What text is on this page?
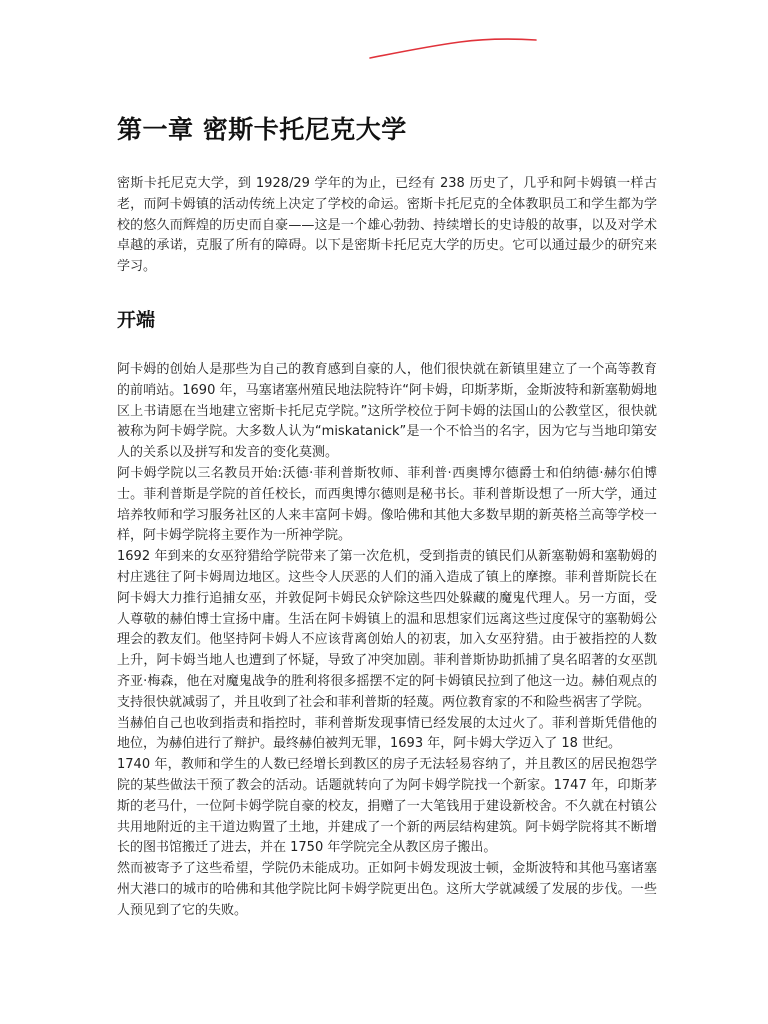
第一章 密斯卡托尼克大学

密斯卡托尼克大学，到 1928/29 学年的为止，已经有 238 历史了，几乎和阿卡姆镇一样古老，而阿卡姆镇的活动传统上决定了学校的命运。密斯卡托尼克的全体教职员工和学生都为学校的悠久而辉煌的历史而自豪——这是一个雄心勃勃、持续增长的史诗般的故事，以及对学术卓越的承诺，克服了所有的障碍。以下是密斯卡托尼克大学的历史。它可以通过最少的研究来学习。

开端

阿卡姆的创始人是那些为自己的教育感到自豪的人，他们很快就在新镇里建立了一个高等教育的前哨站。1690 年，马塞诸塞州殖民地法院特许“阿卡姆，印斯茅斯，金斯波特和新塞勒姆地区上书请愿在当地建立密斯卡托尼克学院。”这所学校位于阿卡姆的法国山的公教堂区，很快就被称为阿卡姆学院。大多数人认为“miskatanick”是一个不恰当的名字，因为它与当地印第安人的关系以及拼写和发音的变化莫测。

阿卡姆学院以三名教员开始:沃德·菲利普斯牧师、菲利普·西奥博尔德爵士和伯纳德·赫尔伯博士。菲利普斯是学院的首任校长，而西奥博尔德则是秘书长。菲利普斯设想了一所大学，通过培养牧师和学习服务社区的人来丰富阿卡姆。像哈佛和其他大多数早期的新英格兰高等学校一样，阿卡姆学院将主要作为一所神学院。

1692 年到来的女巫狩猎给学院带来了第一次危机，受到指责的镇民们从新塞勒姆和塞勒姆的村庄逃往了阿卡姆周边地区。这些令人厌恶的人们的涌入造成了镇上的摩擦。菲利普斯院长在阿卡姆大力推行追捕女巫，并敦促阿卡姆民众铲除这些四处躲藏的魔鬼代理人。另一方面，受人尊敬的赫伯博士宣扬中庸。生活在阿卡姆镇上的温和思想家们远离这些过度保守的塞勒姆公理会的教友们。他坚持阿卡姆人不应该背离创始人的初衷，加入女巫狩猎。由于被指控的人数上升，阿卡姆当地人也遭到了怀疑，导致了冲突加剧。菲利普斯协助抓捕了臭名昭著的女巫凯齐亚·梅森，他在对魔鬼战争的胜利将很多摇摆不定的阿卡姆镇民拉到了他这一边。赫伯观点的支持很快就减弱了，并且收到了社会和菲利普斯的轻蔑。两位教育家的不和险些祸害了学院。

当赫伯自己也收到指责和指控时，菲利普斯发现事情已经发展的太过火了。菲利普斯凭借他的地位，为赫伯进行了辩护。最终赫伯被判无罪，1693 年，阿卡姆大学迈入了 18 世纪。

1740 年，教师和学生的人数已经增长到教区的房子无法轻易容纳了，并且教区的居民抱怨学院的某些做法干预了教会的活动。话题就转向了为阿卡姆学院找一个新家。1747 年，印斯茅斯的老马什，一位阿卡姆学院自豪的校友，捐赠了一大笔钱用于建设新校舍。不久就在村镇公共用地附近的主干道边购置了土地，并建成了一个新的两层结构建筑。阿卡姆学院将其不断增长的图书馆搬迁了进去，并在 1750 年学院完全从教区房子搬出。

然而被寄予了这些希望，学院仍未能成功。正如阿卡姆发现波士顿，金斯波特和其他马塞诸塞州大港口的城市的哈佛和其他学院比阿卡姆学院更出色。这所大学就减缓了发展的步伐。一些人预见到了它的失败。
